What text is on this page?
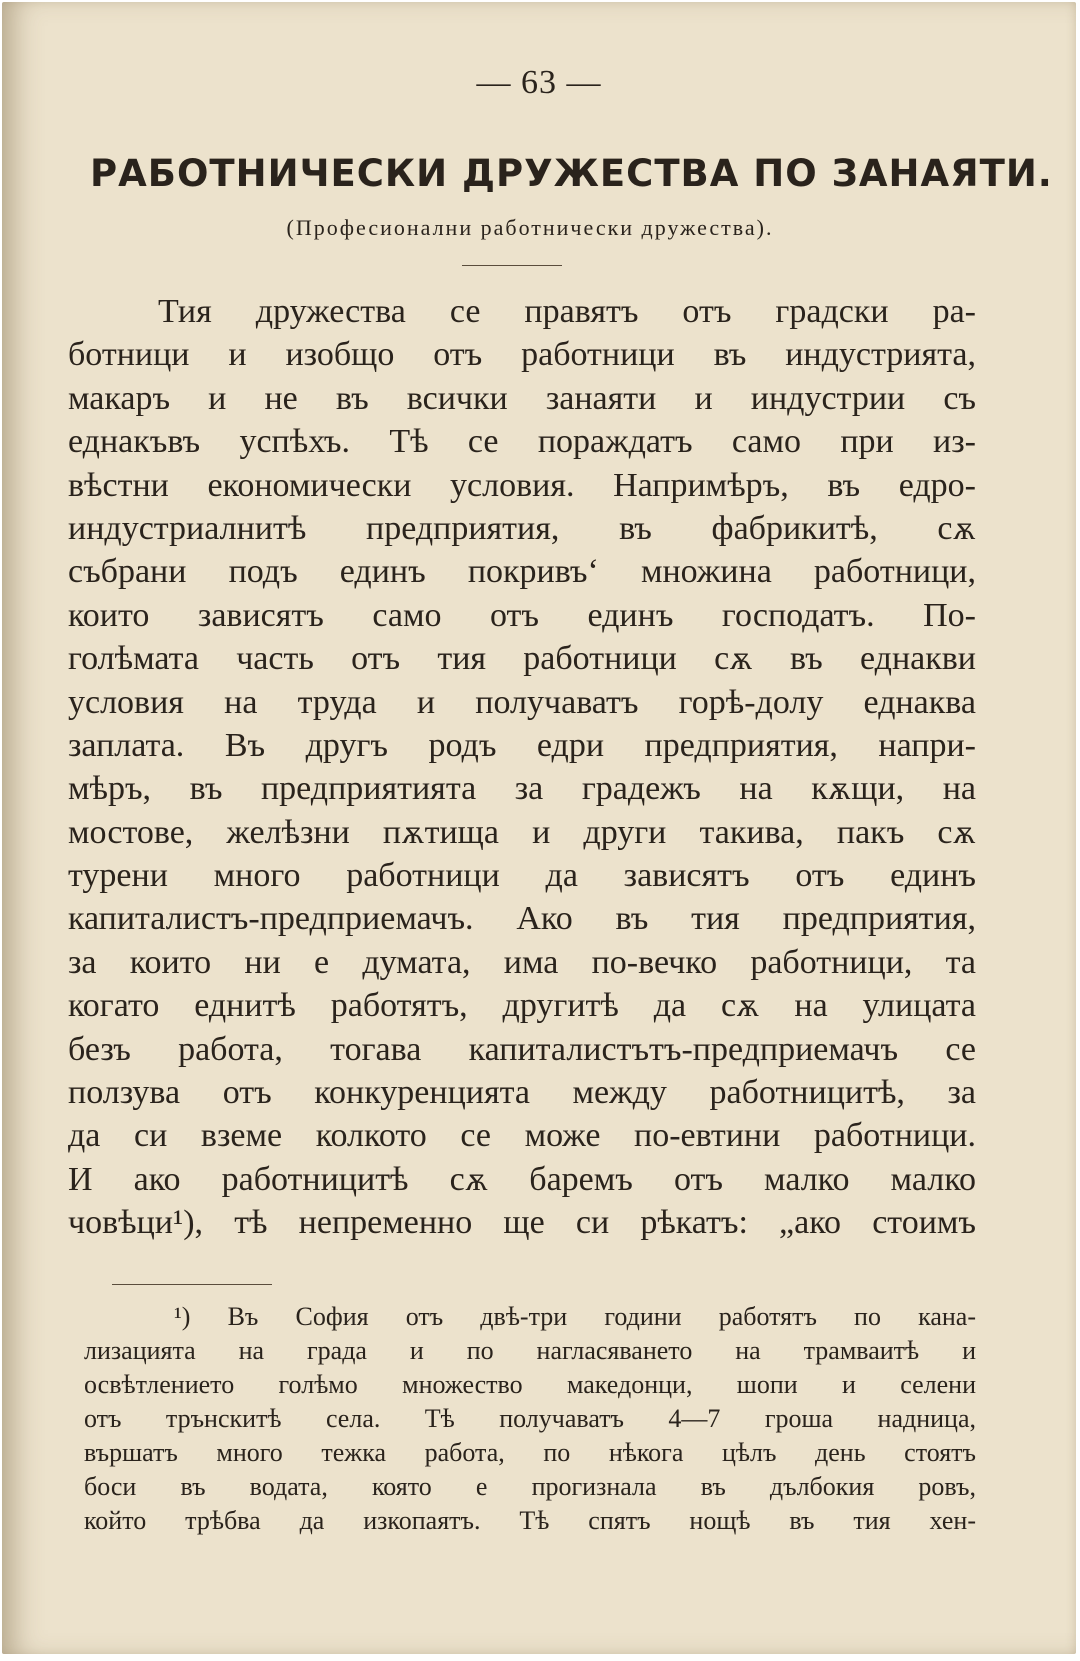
— 63 —
РАБОТНИЧЕСКИ ДРУЖЕСТВА ПО ЗАНАЯТИ.
(Професионални работнически дружества).
Тия дружества се правятъ отъ градски ра-
ботници и изобщо отъ работници въ индустрията,
макаръ и не въ всички занаяти и индустрии съ
еднакъвъ успѣхъ. Тѣ се пораждатъ само при из-
вѣстни економически условия. Напримѣръ, въ едро-
индустриалнитѣ предприятия, въ фабрикитѣ, сѫ
събрани подъ единъ покривъ‘ множина работници,
които зависятъ само отъ единъ господатъ. По-
голѣмата часть отъ тия работници сѫ въ еднакви
условия на труда и получаватъ горѣ-долу еднаква
заплата. Въ другъ родъ едри предприятия, напри-
мѣръ, въ предприятията за градежъ на кѫщи, на
мостове, желѣзни пѫтища и други такива, пакъ сѫ
турени много работници да зависятъ отъ единъ
капиталистъ-предприемачъ. Ако въ тия предприятия,
за които ни е думата, има по-вечко работници, та
когато еднитѣ работятъ, другитѣ да сѫ на улицата
безъ работа, тогава капиталистътъ-предприемачъ се
ползува отъ конкуренцията между работницитѣ, за
да си вземе колкото се може по-евтини работници.
И ако работницитѣ сѫ баремъ отъ малко малко
човѣци¹), тѣ непременно ще си рѣкатъ: „ако стоимъ
¹) Въ София отъ двѣ-три години работятъ по кана-
лизацията на града и по нагласяването на трамваитѣ и
освѣтлението голѣмо множество македонци, шопи и селени
отъ трънскитѣ села. Тѣ получаватъ 4—7 гроша надница,
вършатъ много тежка работа, по нѣкога цѣлъ день стоятъ
боси въ водата, която е прогизнала въ дълбокия ровъ,
който трѣбва да изкопаятъ. Тѣ спятъ нощѣ въ тия хен-
